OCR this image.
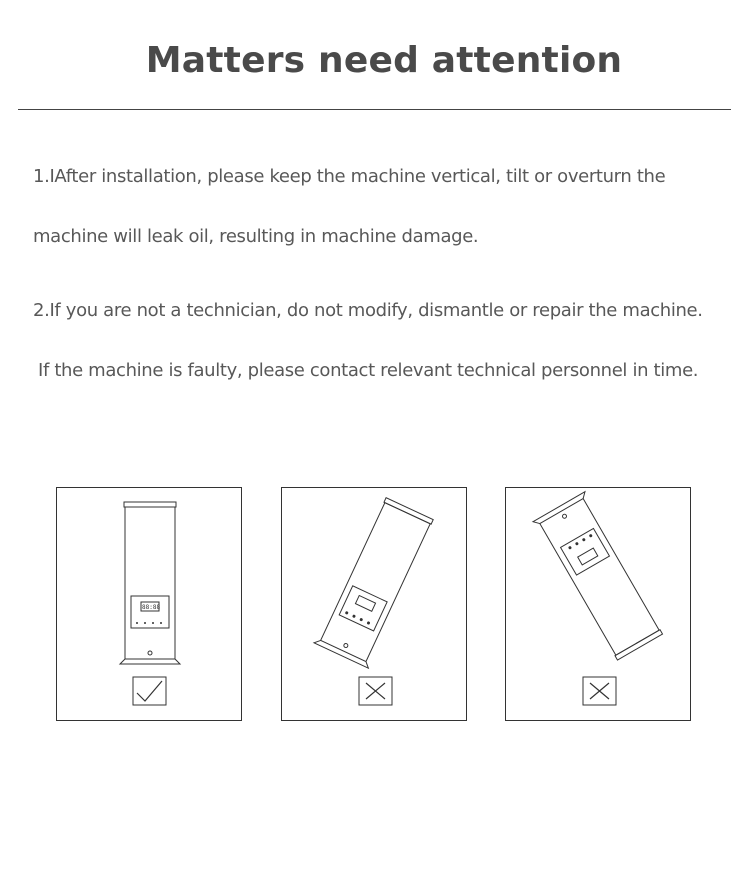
Matters need attention
1.IAfter installation, please keep the machine vertical, tilt or overturn the
machine will leak oil, resulting in machine damage.
2.If you are not a technician, do not modify, dismantle or repair the machine.
If the machine is faulty, please contact relevant technical personnel in time.
88:88
